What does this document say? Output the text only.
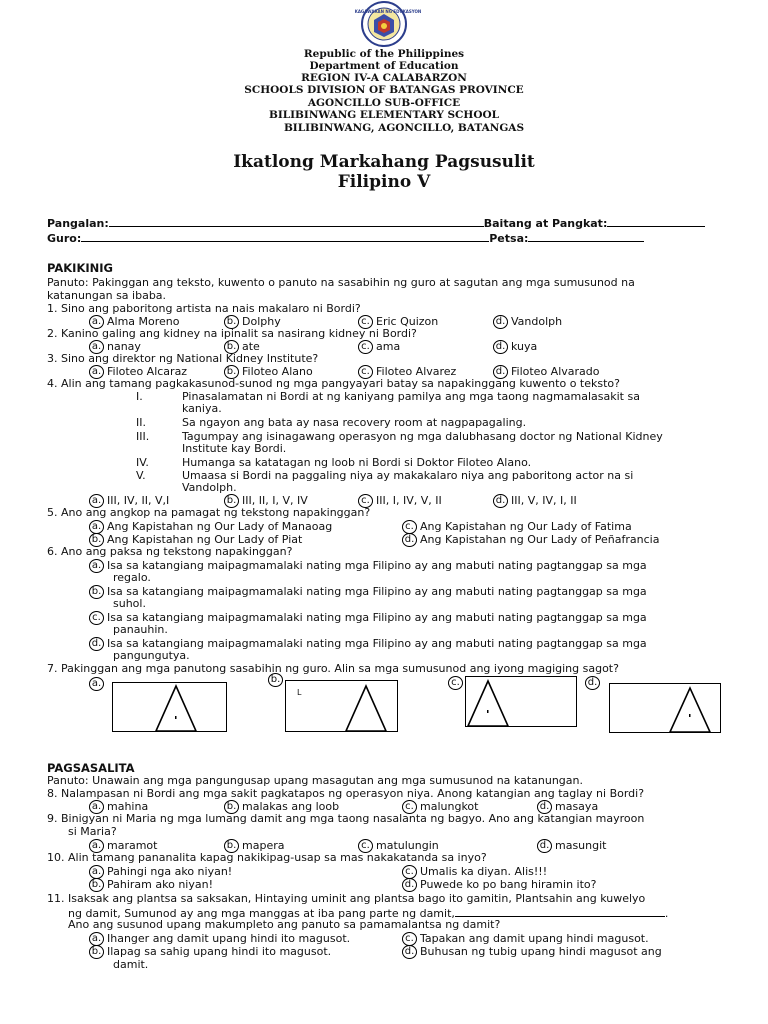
KAGAWARAN NG EDUKASYON
Republic of the Philippines
Department of Education
REGION IV-A CALABARZON
SCHOOLS DIVISION OF BATANGAS PROVINCE
AGONCILLO SUB-OFFICE
BILIBINWANG ELEMENTARY SCHOOL
BILIBINWANG, AGONCILLO, BATANGAS
Ikatlong Markahang Pagsusulit
Filipino V
Pangalan:	Baitang at Pangkat:
Guro:	Petsa:
PAKIKINIG
Panuto: Pakinggan ang teksto, kuwento o panuto na sasabihin ng guro at sagutan ang mga sumusunod na
katanungan sa ibaba.
1. Sino ang paboritong artista na nais makalaro ni Bordi?
a. Alma Moreno	b. Dolphy	c. Eric Quizon	d. Vandolph
2. Kanino galing ang kidney na ipinalit sa nasirang kidney ni Bordi?
a. nanay	b. ate	c. ama	d. kuya
3. Sino ang direktor ng National Kidney Institute?
a. Filoteo Alcaraz	b. Filoteo Alano	c. Filoteo Alvarez	d. Filoteo Alvarado
4. Alin ang tamang pagkakasunod-sunod ng mga pangyayari batay sa napakinggang kuwento o teksto?
I.	Pinasalamatan ni Bordi at ng kaniyang pamilya ang mga taong nagmamalasakit sa
kaniya.
II.	Sa ngayon ang bata ay nasa recovery room at nagpapagaling.
III.	Tagumpay ang isinagawang operasyon ng mga dalubhasang doctor ng National Kidney
Institute kay Bordi.
IV.	Humanga sa katatagan ng loob ni Bordi si Doktor Filoteo Alano.
V.	Umaasa si Bordi na paggaling niya ay makakalaro niya ang paboritong actor na si
Vandolph.
a. III, IV, II, V,I	b. III, II, I, V, IV	c. III, I, IV, V, II	d. III, V, IV, I, II
5. Ano ang angkop na pamagat ng tekstong napakinggan?
a. Ang Kapistahan ng Our Lady of Manaoag	c. Ang Kapistahan ng Our Lady of Fatima
b. Ang Kapistahan ng Our Lady of Piat	d. Ang Kapistahan ng Our Lady of Peñafrancia
6. Ano ang paksa ng tekstong napakinggan?
a. Isa sa katangiang maipagmamalaki nating mga Filipino ay ang mabuti nating pagtanggap sa mga
regalo.
b. Isa sa katangiang maipagmamalaki nating mga Filipino ay ang mabuti nating pagtanggap sa mga
suhol.
c. Isa sa katangiang maipagmamalaki nating mga Filipino ay ang mabuti nating pagtanggap sa mga
panauhin.
d. Isa sa katangiang maipagmamalaki nating mga Filipino ay ang mabuti nating pagtanggap sa mga
pangungutya.
7. Pakinggan ang mga panutong sasabihin ng guro. Alin sa mga sumusunod ang iyong magiging sagot?
a.	b.
L
c.	d.
PAGSASALITA
Panuto: Unawain ang mga pangungusap upang masagutan ang mga sumusunod na katanungan.
8. Nalampasan ni Bordi ang mga sakit pagkatapos ng operasyon niya. Anong katangian ang taglay ni Bordi?
a. mahina	b. malakas ang loob	c. malungkot	d. masaya
9. Binigyan ni Maria ng mga lumang damit ang mga taong nasalanta ng bagyo. Ano ang katangian mayroon
si Maria?
a. maramot	b. mapera	c. matulungin	d. masungit
10. Alin tamang pananalita kapag nakikipag-usap sa mas nakakatanda sa inyo?
a. Pahingi nga ako niyan!	c. Umalis ka diyan. Alis!!!
b. Pahiram ako niyan!	d. Puwede ko po bang hiramin ito?
11. Isaksak ang plantsa sa saksakan, Hintaying uminit ang plantsa bago ito gamitin, Plantsahin ang kuwelyo
ng damit, Sumunod ay ang mga manggas at iba pang parte ng damit,	.
Ano ang susunod upang makumpleto ang panuto sa pamamalantsa ng damit?
a. Ihanger ang damit upang hindi ito magusot.	c. Tapakan ang damit upang hindi magusot.
b. Ilapag sa sahig upang hindi ito magusot.	d. Buhusan ng tubig upang hindi magusot ang
damit.
